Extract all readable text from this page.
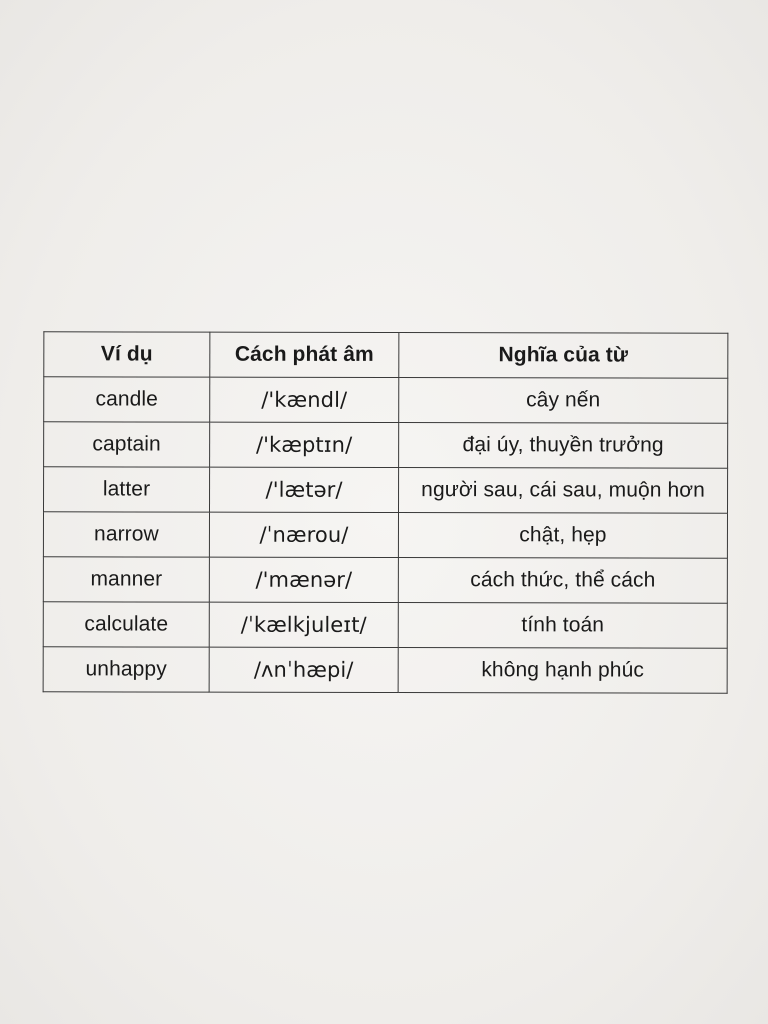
Ví dụ	Cách phát âm	Nghĩa của từ
candle	/'kændl/	cây nến
captain	/'kæptɪn/	đại úy, thuyền trưởng
latter	/'lætər/	người sau, cái sau, muộn hơn
narrow	/ˈnærou/	chật, hẹp
manner	/'mænər/	cách thức, thể cách
calculate	/ˈkælkjuleɪt/	tính toán
unhappy	/ʌnˈhæpi/	không hạnh phúc
